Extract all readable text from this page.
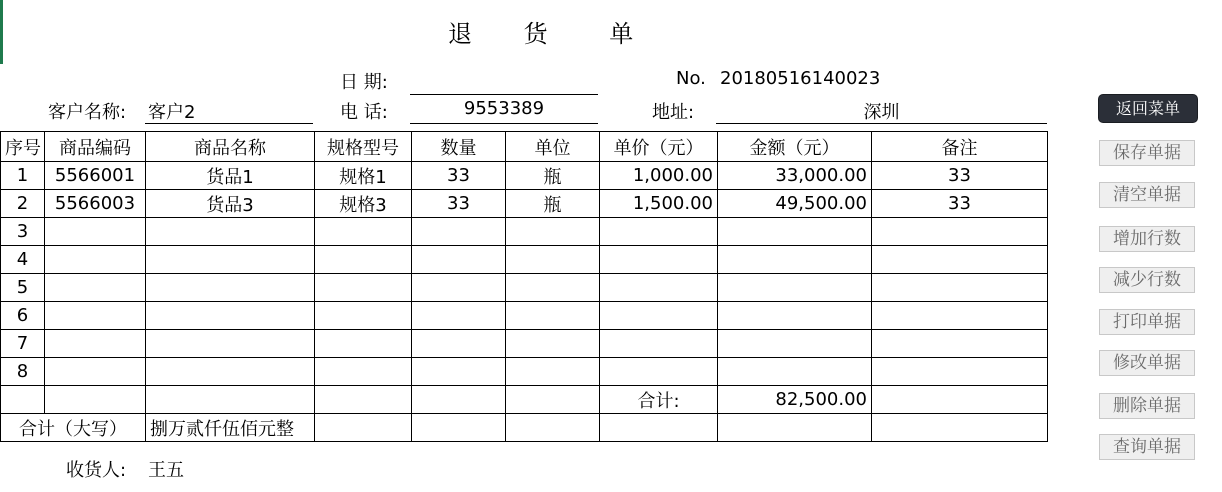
退 货 单
日 期:	No. 20180516140023
客户名称: 客户2	电 话:	9553389	地址:	深圳
序号	商品编码	商品名称	规格型号	数量	单位	单价（元）	金额（元）	备注
1	5566001	货品1	规格1	33	瓶	1,000.00	33,000.00	33
2	5566003	货品3	规格3	33	瓶	1,500.00	49,500.00	33
3								
4								
5								
6								
7								
8								
						合计:	82,500.00	
合计（大写）		捌万贰仟伍佰元整						
收货人: 王五
返回菜单
保存单据
清空单据
增加行数
减少行数
打印单据
修改单据
删除单据
查询单据
